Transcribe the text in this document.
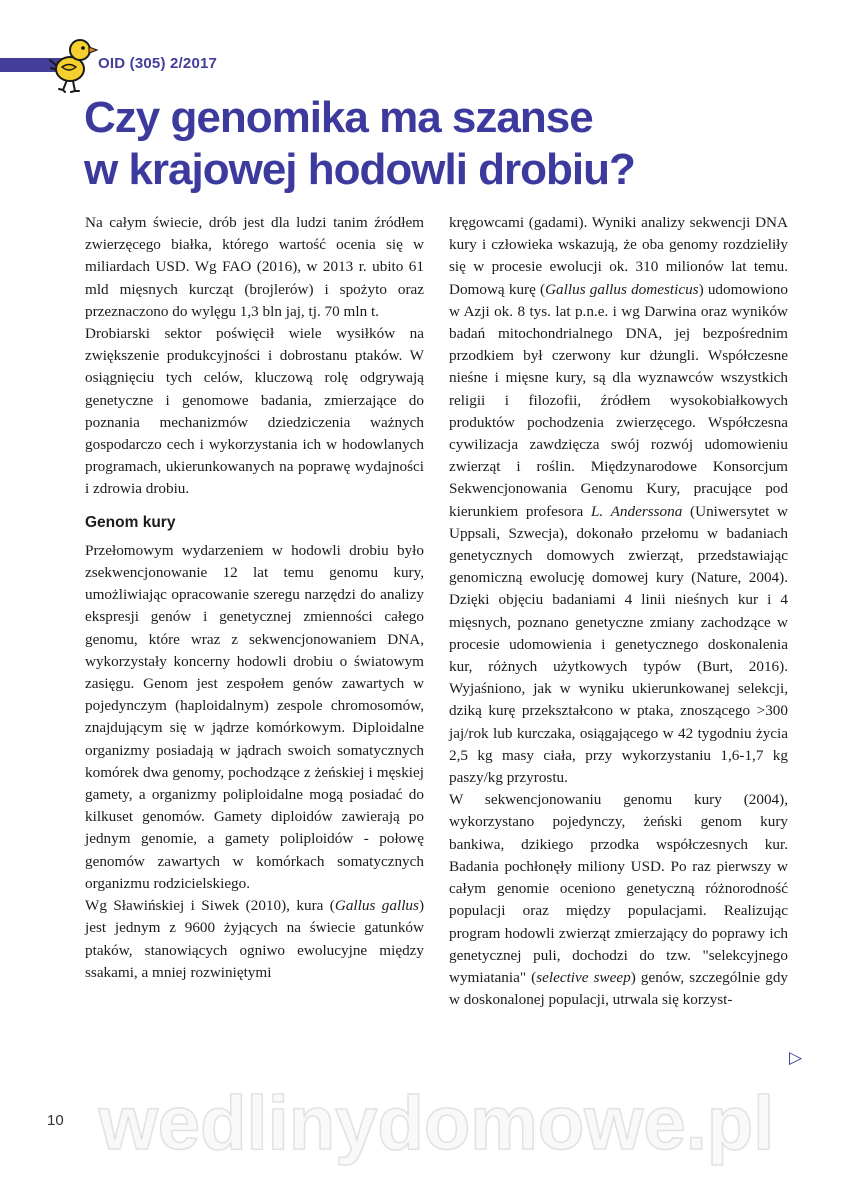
OID (305) 2/2017
Czy genomika ma szanse
w krajowej hodowli drobiu?

Na całym świecie, drób jest dla ludzi tanim źródłem zwierzęcego białka, którego wartość ocenia się w miliardach USD. Wg FAO (2016), w 2013 r. ubito 61 mld mięsnych kurcząt (brojlerów) i spożyto oraz przeznaczono do wylęgu 1,3 bln jaj, tj. 70 mln t.

Drobiarski sektor poświęcił wiele wysiłków na zwiększenie produkcyjności i dobrostanu ptaków. W osiągnięciu tych celów, kluczową rolę odgrywają genetyczne i genomowe badania, zmierzające do poznania mechanizmów dziedziczenia ważnych gospodarczo cech i wykorzystania ich w hodowlanych programach, ukierunkowanych na poprawę wydajności i zdrowia drobiu.

Genom kury

Przełomowym wydarzeniem w hodowli drobiu było zsekwencjonowanie 12 lat temu genomu kury, umożliwiając opracowanie szeregu narzędzi do analizy ekspresji genów i genetycznej zmienności całego genomu, które wraz z sekwencjonowaniem DNA, wykorzystały koncerny hodowli drobiu o światowym zasięgu. Genom jest zespołem genów zawartych w pojedynczym (haploidalnym) zespole chromosomów, znajdującym się w jądrze komórkowym. Diploidalne organizmy posiadają w jądrach swoich somatycznych komórek dwa genomy, pochodzące z żeńskiej i męskiej gamety, a organizmy poliploidalne mogą posiadać do kilkuset genomów. Gamety diploidów zawierają po jednym genomie, a gamety poliploidów - połowę genomów zawartych w komórkach somatycznych organizmu rodzicielskiego.

Wg Sławińskiej i Siwek (2010), kura (Gallus gallus) jest jednym z 9600 żyjących na świecie gatunków ptaków, stanowiących ogniwo ewolucyjne między ssakami, a mniej rozwiniętymi

kręgowcami (gadami). Wyniki analizy sekwencji DNA kury i człowieka wskazują, że oba genomy rozdzieliły się w procesie ewolucji ok. 310 milionów lat temu. Domową kurę (Gallus gallus domesticus) udomowiono w Azji ok. 8 tys. lat p.n.e. i wg Darwina oraz wyników badań mitochondrialnego DNA, jej bezpośrednim przodkiem był czerwony kur dżungli. Współczesne nieśne i mięsne kury, są dla wyznawców wszystkich religii i filozofii, źródłem wysokobiałkowych produktów pochodzenia zwierzęcego. Współczesna cywilizacja zawdzięcza swój rozwój udomowieniu zwierząt i roślin. Międzynarodowe Konsorcjum Sekwencjonowania Genomu Kury, pracujące pod kierunkiem profesora L. Anderssona (Uniwersytet w Uppsali, Szwecja), dokonało przełomu w badaniach genetycznych domowych zwierząt, przedstawiając genomiczną ewolucję domowej kury (Nature, 2004). Dzięki objęciu badaniami 4 linii nieśnych kur i 4 mięsnych, poznano genetyczne zmiany zachodzące w procesie udomowienia i genetycznego doskonalenia kur, różnych użytkowych typów (Burt, 2016). Wyjaśniono, jak w wyniku ukierunkowanej selekcji, dziką kurę przekształcono w ptaka, znoszącego >300 jaj/rok lub kurczaka, osiągającego w 42 tygodniu życia 2,5 kg masy ciała, przy wykorzystaniu 1,6-1,7 kg paszy/kg przyrostu.

W sekwencjonowaniu genomu kury (2004), wykorzystano pojedynczy, żeński genom kury bankiwa, dzikiego przodka współczesnych kur. Badania pochłonęły miliony USD. Po raz pierwszy w całym genomie oceniono genetyczną różnorodność populacji oraz między populacjami. Realizując program hodowli zwierząt zmierzający do poprawy ich genetycznej puli, dochodzi do tzw. "selekcyjnego wymiatania" (selective sweep) genów, szczególnie gdy w doskonalonej populacji, utrwala się korzyst-

▷
10 wedlinydomowe.pl
